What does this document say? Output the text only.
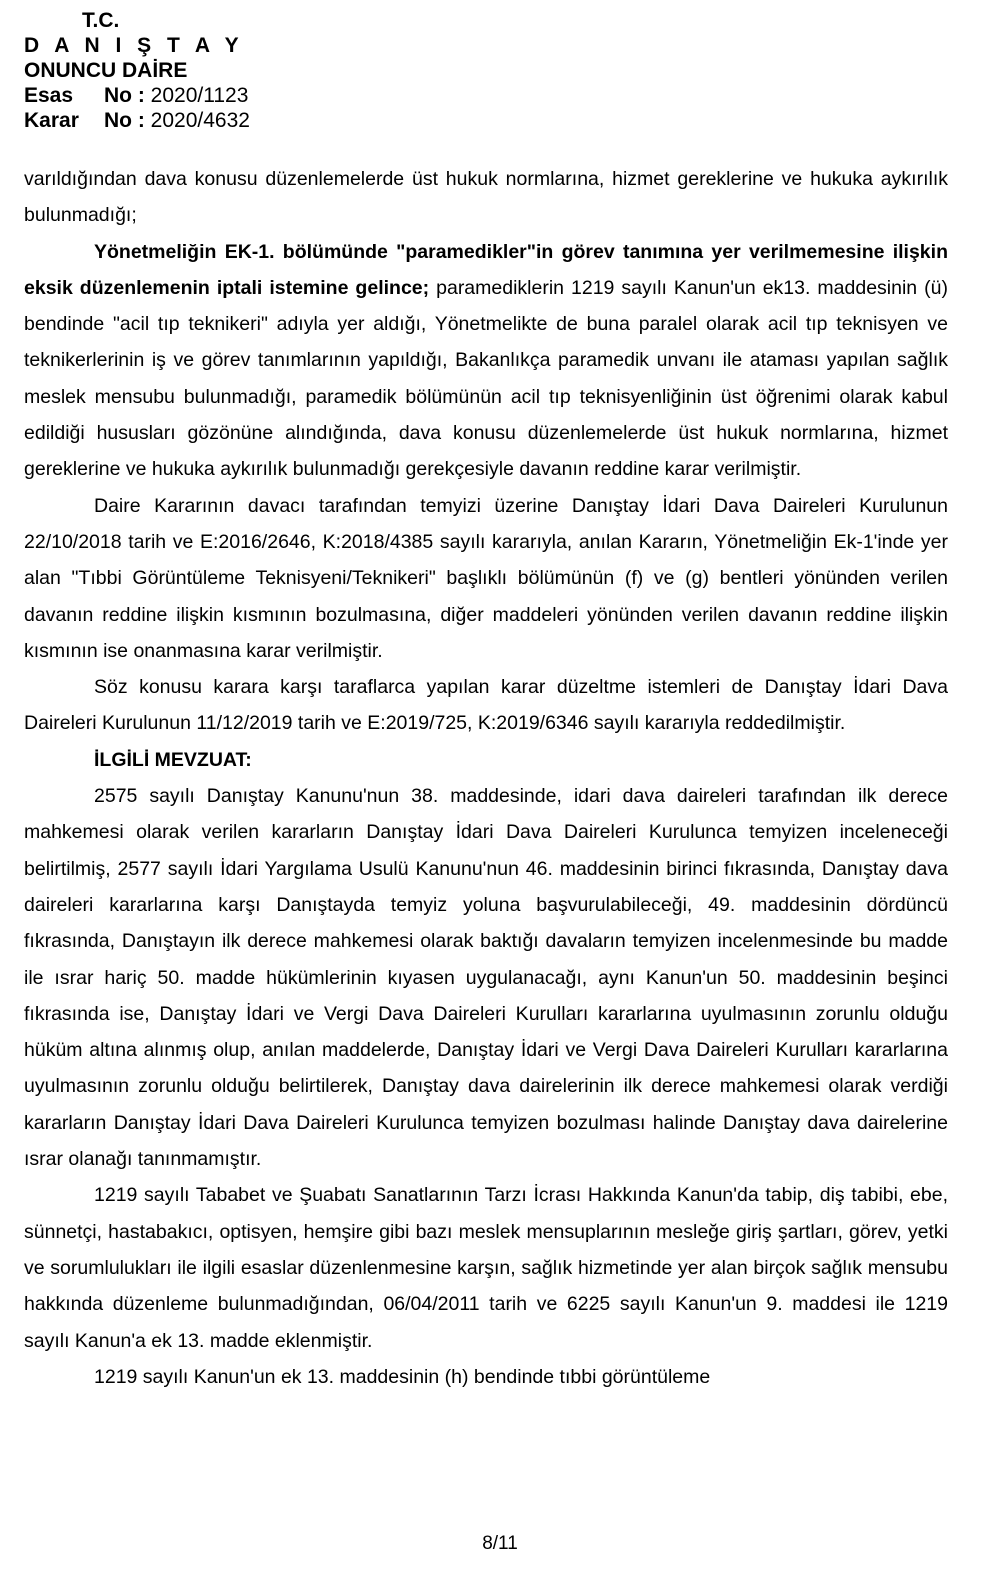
T.C.
D A N I Ş T A Y
ONUNCU DAİRE
Esas	No :
2020/1123
Karar	No :
2020/4632

varıldığından dava konusu düzenlemelerde üst hukuk normlarına, hizmet gereklerine ve hukuka aykırılık bulunmadığı;

Yönetmeliğin EK-1. bölümünde "paramedikler"in görev tanımına yer verilmemesine ilişkin eksik düzenlemenin iptali istemine gelince; paramediklerin 1219 sayılı Kanun'un ek13. maddesinin (ü) bendinde "acil tıp teknikeri" adıyla yer aldığı, Yönetmelikte de buna paralel olarak acil tıp teknisyen ve teknikerlerinin iş ve görev tanımlarının yapıldığı, Bakanlıkça paramedik unvanı ile ataması yapılan sağlık meslek mensubu bulunmadığı, paramedik bölümünün acil tıp teknisyenliğinin üst öğrenimi olarak kabul edildiği hususları gözönüne alındığında, dava konusu düzenlemelerde üst hukuk normlarına, hizmet gereklerine ve hukuka aykırılık bulunmadığı gerekçesiyle davanın reddine karar verilmiştir.

Daire Kararının davacı tarafından temyizi üzerine Danıştay İdari Dava Daireleri Kurulunun 22/10/2018 tarih ve E:2016/2646, K:2018/4385 sayılı kararıyla, anılan Kararın, Yönetmeliğin Ek-1'inde yer alan "Tıbbi Görüntüleme Teknisyeni/Teknikeri" başlıklı bölümünün (f) ve (g) bentleri yönünden verilen davanın reddine ilişkin kısmının bozulmasına, diğer maddeleri yönünden verilen davanın reddine ilişkin kısmının ise onanmasına karar verilmiştir.

Söz konusu karara karşı taraflarca yapılan karar düzeltme istemleri de Danıştay İdari Dava Daireleri Kurulunun 11/12/2019 tarih ve E:2019/725, K:2019/6346 sayılı kararıyla reddedilmiştir.

İLGİLİ MEVZUAT:

2575 sayılı Danıştay Kanunu'nun 38. maddesinde, idari dava daireleri tarafından ilk derece mahkemesi olarak verilen kararların Danıştay İdari Dava Daireleri Kurulunca temyizen inceleneceği belirtilmiş, 2577 sayılı İdari Yargılama Usulü Kanunu'nun 46. maddesinin birinci fıkrasında, Danıştay dava daireleri kararlarına karşı Danıştayda temyiz yoluna başvurulabileceği, 49. maddesinin dördüncü fıkrasında, Danıştayın ilk derece mahkemesi olarak baktığı davaların temyizen incelenmesinde bu madde ile ısrar hariç 50. madde hükümlerinin kıyasen uygulanacağı, aynı Kanun'un 50. maddesinin beşinci fıkrasında ise, Danıştay İdari ve Vergi Dava Daireleri Kurulları kararlarına uyulmasının zorunlu olduğu hüküm altına alınmış olup, anılan maddelerde, Danıştay İdari ve Vergi Dava Daireleri Kurulları kararlarına uyulmasının zorunlu olduğu belirtilerek, Danıştay dava dairelerinin ilk derece mahkemesi olarak verdiği kararların Danıştay İdari Dava Daireleri Kurulunca temyizen bozulması halinde Danıştay dava dairelerine ısrar olanağı tanınmamıştır.

1219 sayılı Tababet ve Şuabatı Sanatlarının Tarzı İcrası Hakkında Kanun'da tabip, diş tabibi, ebe, sünnetçi, hastabakıcı, optisyen, hemşire gibi bazı meslek mensuplarının mesleğe giriş şartları, görev, yetki ve sorumlulukları ile ilgili esaslar düzenlenmesine karşın, sağlık hizmetinde yer alan birçok sağlık mensubu hakkında düzenleme bulunmadığından, 06/04/2011 tarih ve 6225 sayılı Kanun'un 9. maddesi ile 1219 sayılı Kanun'a ek 13. madde eklenmiştir.

1219 sayılı Kanun'un ek 13. maddesinin (h) bendinde tıbbi görüntüleme

8/11
